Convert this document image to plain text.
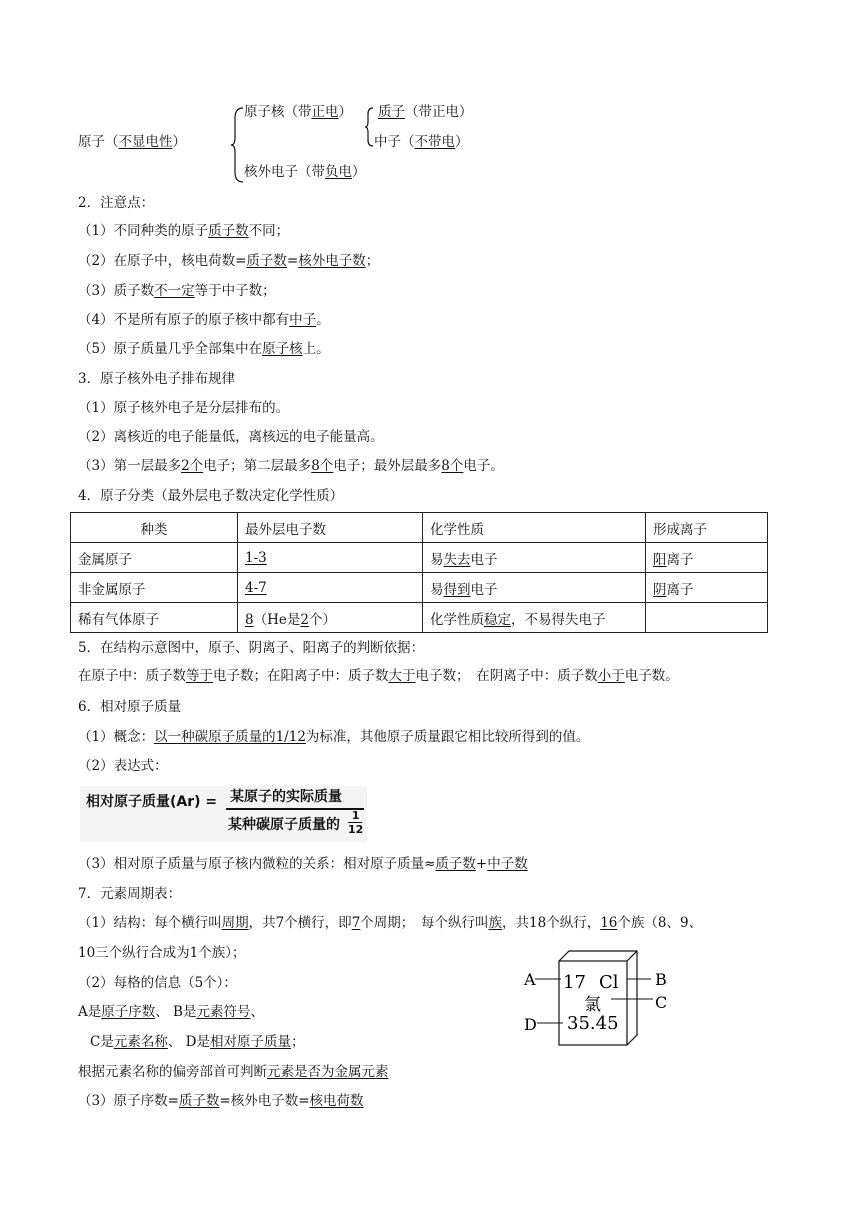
原子（不显电性）
原子核（带正电） 质子（带正电）
中子（不带电）
核外电子（带负电）
2．注意点：
（1）不同种类的原子质子数不同；
（2）在原子中，核电荷数=质子数=核外电子数；
（3）质子数不一定等于中子数；
（4）不是所有原子的原子核中都有中子。
（5）原子质量几乎全部集中在原子核上。
3．原子核外电子排布规律
（1）原子核外电子是分层排布的。
（2）离核近的电子能量低，离核远的电子能量高。
（3）第一层最多2个电子；第二层最多8个电子；最外层最多8个电子。
4．原子分类（最外层电子数决定化学性质）
种类	最外层电子数	化学性质	形成离子
金属原子	1-3	易失去电子	阳离子
非金属原子	4-7	易得到电子	阴离子
稀有气体原子	8（He是2个）	化学性质稳定，不易得失电子	
5．在结构示意图中，原子、阴离子、阳离子的判断依据：
在原子中：质子数等于电子数；在阳离子中：质子数大于电子数；　在阴离子中：质子数小于电子数。
6．相对原子质量
（1）概念：以一种碳原子质量的1/12为标准，其他原子质量跟它相比较所得到的值。
（2）表达式：
相对原子质量(Ar) = 某原子的实际质量
某种碳原子质量的
1
12
（3）相对原子质量与原子核内微粒的关系：相对原子质量≈质子数+中子数
7．元素周期表：
（1）结构：每个横行叫周期，共7个横行，即7个周期；　每个纵行叫族，共18个纵行，16个族（8、9、
10三个纵行合成为1个族）；
（2）每格的信息（5个）：
A是原子序数、 B是元素符号、
C是元素名称、 D是相对原子质量；
根据元素名称的偏旁部首可判断元素是否为金属元素
（3）原子序数=质子数=核外电子数=核电荷数
A	B
C
D
17 Cl
氯
35.45
